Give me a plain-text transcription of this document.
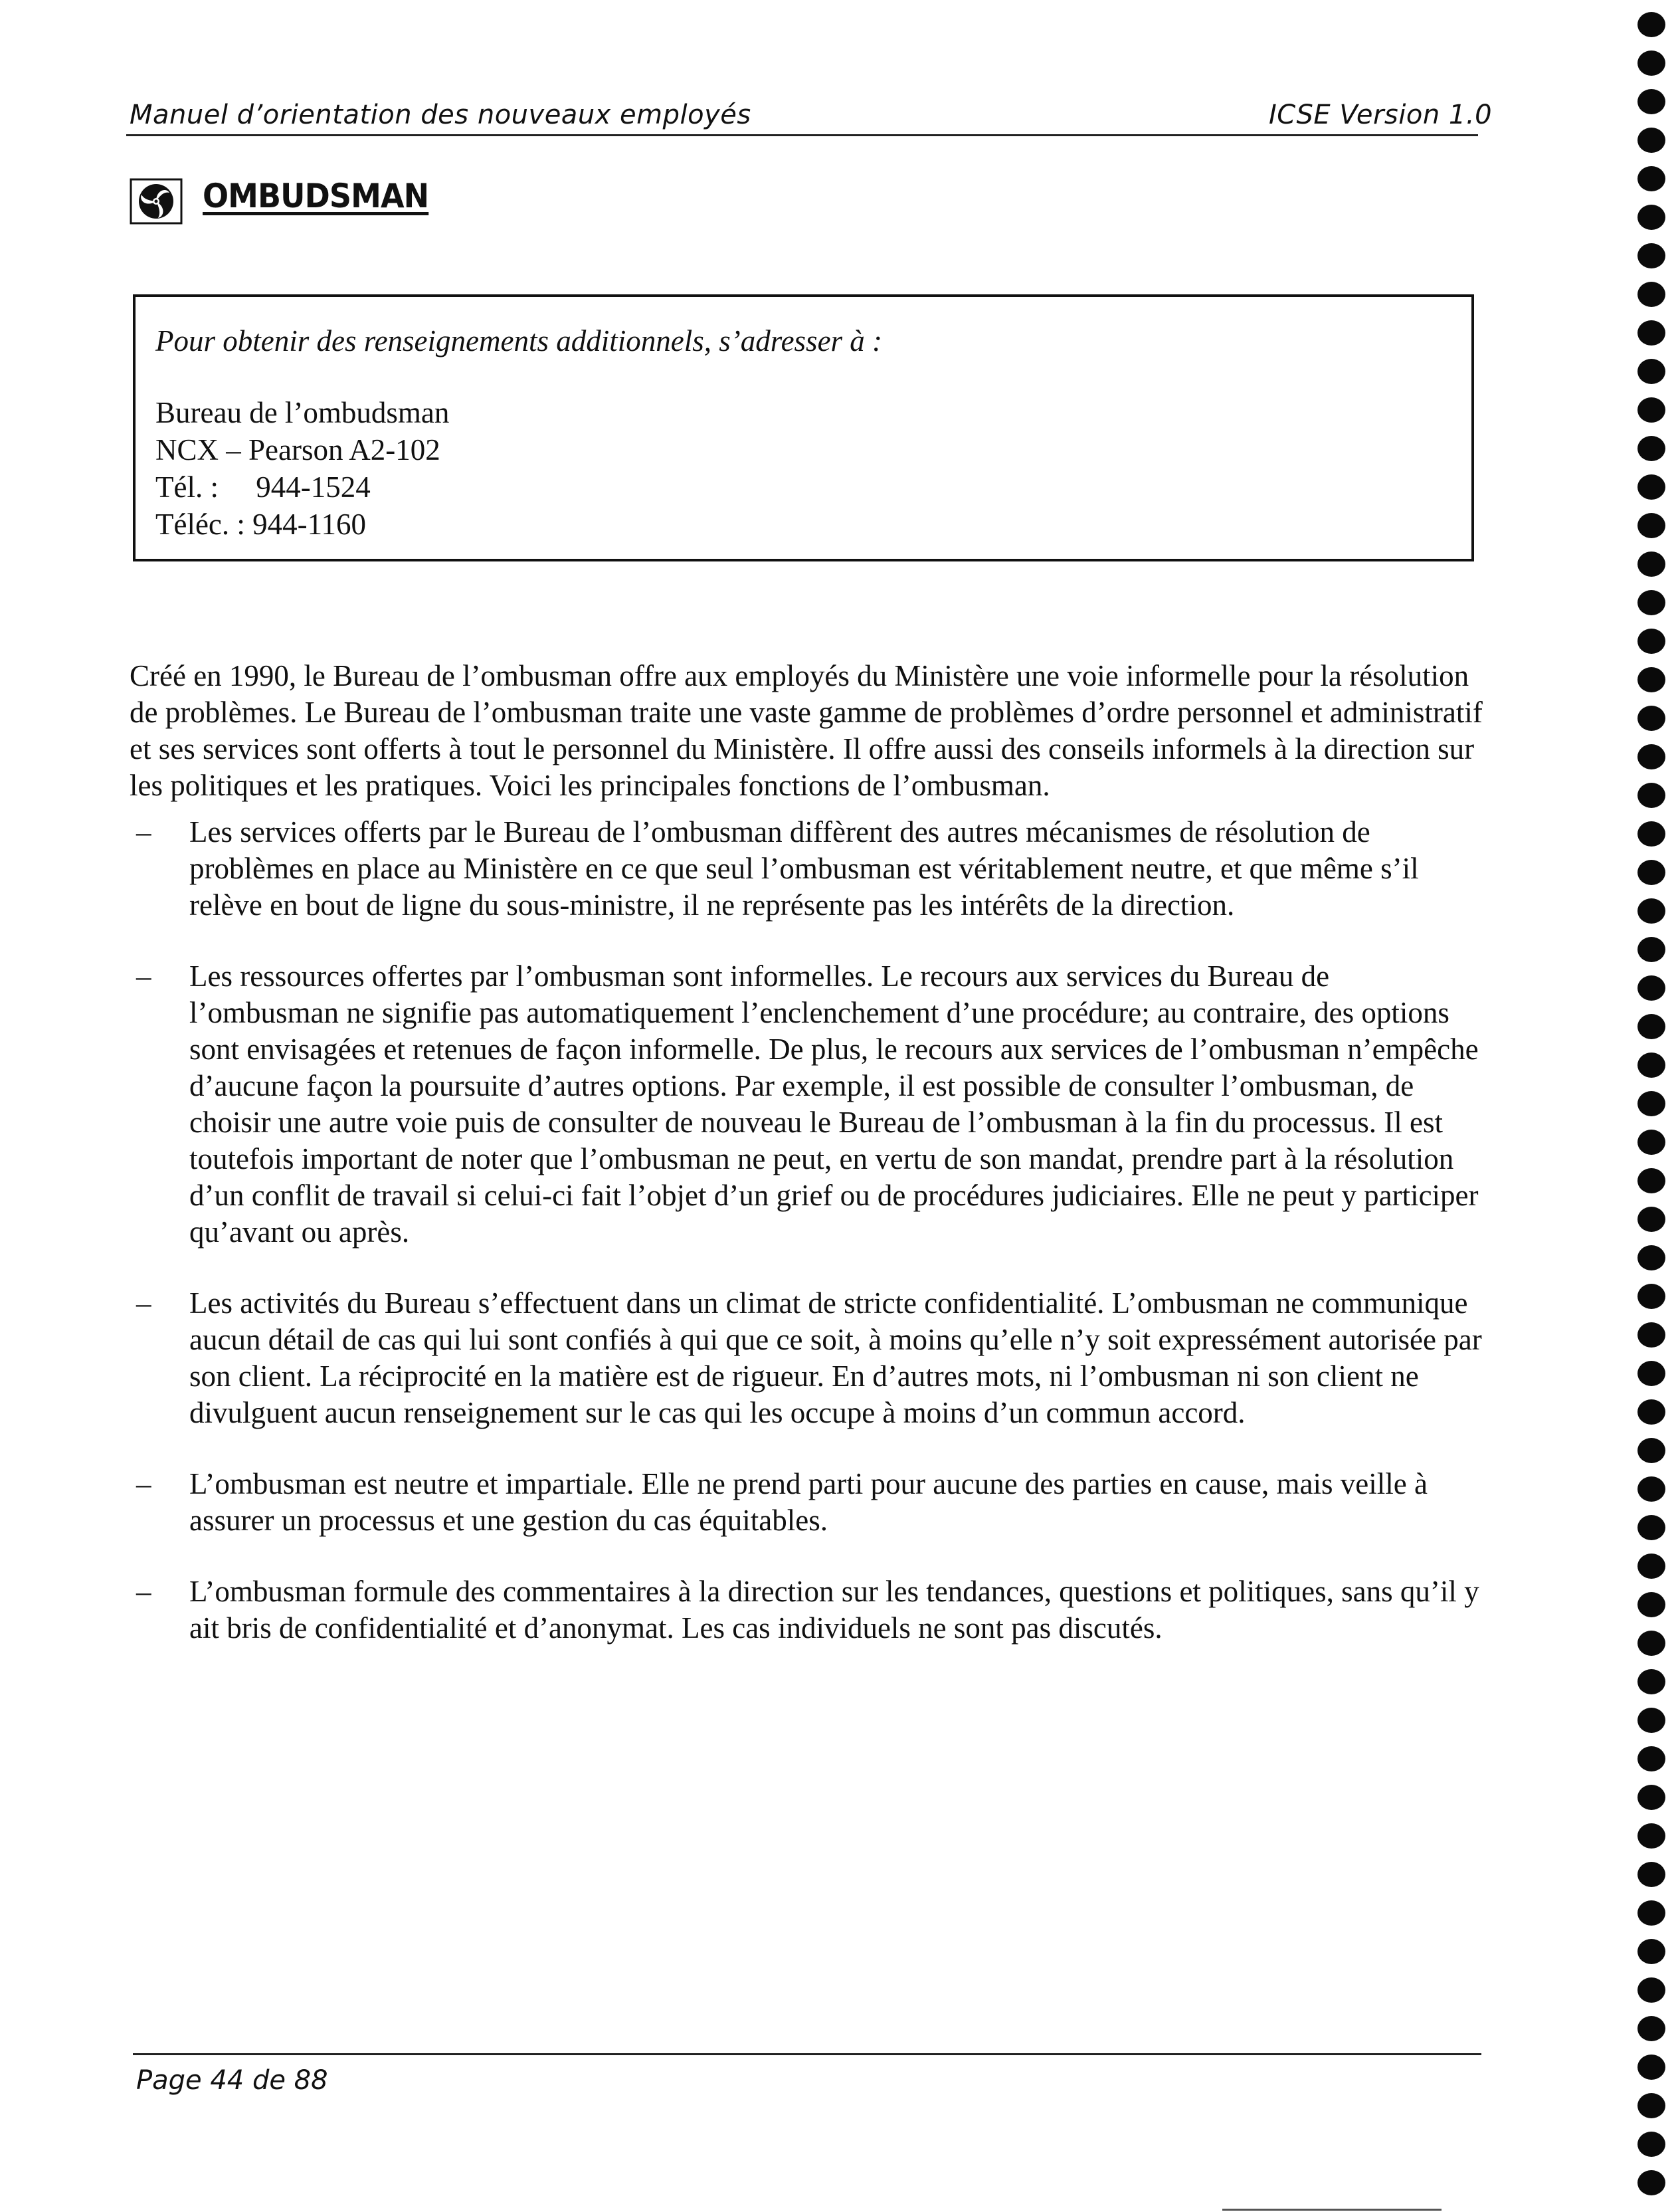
Manuel d’orientation des nouveaux employés	ICSE Version 1.0
OMBUDSMAN
Pour obtenir des renseignements additionnels, s’adresser à :
Bureau de l’ombudsman
NCX – Pearson A2-102
Tél. :     944-1524
Téléc. : 944-1160

Créé en 1990, le Bureau de l’ombusman offre aux employés du Ministère une voie informelle pour la résolution de problèmes. Le Bureau de l’ombusman traite une vaste gamme de problèmes d’ordre personnel et administratif et ses services sont offerts à tout le personnel du Ministère. Il offre aussi des conseils informels à la direction sur les politiques et les pratiques. Voici les principales fonctions de l’ombusman.

– Les services offerts par le Bureau de l’ombusman diffèrent des autres mécanismes de résolution de problèmes en place au Ministère en ce que seul l’ombusman est véritablement neutre, et que même s’il relève en bout de ligne du sous-ministre, il ne représente pas les intérêts de la direction.
– Les ressources offertes par l’ombusman sont informelles. Le recours aux services du Bureau de l’ombusman ne signifie pas automatiquement l’enclenchement d’une procédure; au contraire, des options sont envisagées et retenues de façon informelle. De plus, le recours aux services de l’ombusman n’empêche d’aucune façon la poursuite d’autres options. Par exemple, il est possible de consulter l’ombusman, de choisir une autre voie puis de consulter de nouveau le Bureau de l’ombusman à la fin du processus. Il est toutefois important de noter que l’ombusman ne peut, en vertu de son mandat, prendre part à la résolution d’un conflit de travail si celui-ci fait l’objet d’un grief ou de procédures judiciaires. Elle ne peut y participer qu’avant ou après.
– Les activités du Bureau s’effectuent dans un climat de stricte confidentialité. L’ombusman ne communique aucun détail de cas qui lui sont confiés à qui que ce soit, à moins qu’elle n’y soit expressément autorisée par son client. La réciprocité en la matière est de rigueur. En d’autres mots, ni l’ombusman ni son client ne divulguent aucun renseignement sur le cas qui les occupe à moins d’un commun accord.
– L’ombusman est neutre et impartiale. Elle ne prend parti pour aucune des parties en cause, mais veille à assurer un processus et une gestion du cas équitables.
– L’ombusman formule des commentaires à la direction sur les tendances, questions et politiques, sans qu’il y ait bris de confidentialité et d’anonymat. Les cas individuels ne sont pas discutés.
Page 44 de 88
